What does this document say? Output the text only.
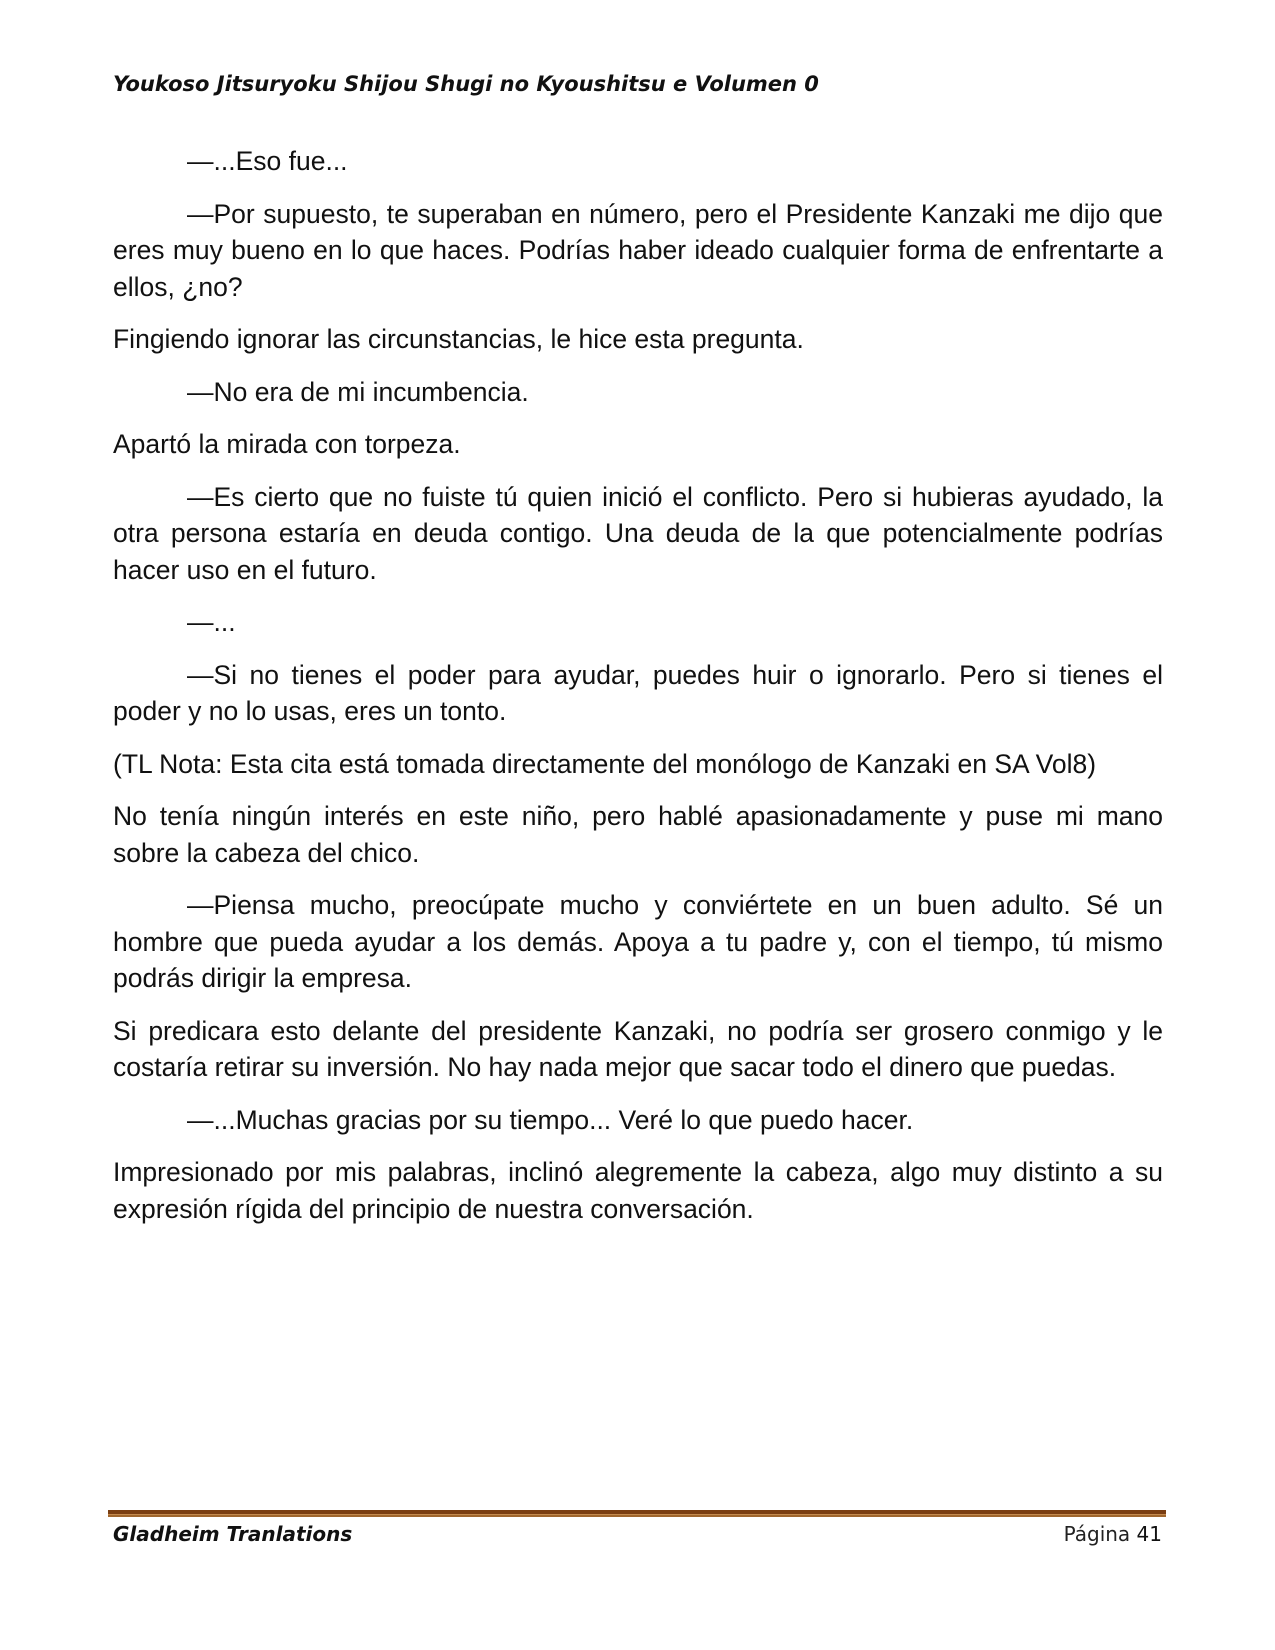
Youkoso Jitsuryoku Shijou Shugi no Kyoushitsu e Volumen 0

—...Eso fue...

—Por supuesto, te superaban en número, pero el Presidente Kanzaki me dijo que eres muy bueno en lo que haces. Podrías haber ideado cualquier forma de enfrentarte a ellos, ¿no?

Fingiendo ignorar las circunstancias, le hice esta pregunta.

—No era de mi incumbencia.

Apartó la mirada con torpeza.

—Es cierto que no fuiste tú quien inició el conflicto. Pero si hubieras ayudado, la otra persona estaría en deuda contigo. Una deuda de la que potencialmente podrías hacer uso en el futuro.

—...

—Si no tienes el poder para ayudar, puedes huir o ignorarlo. Pero si tienes el poder y no lo usas, eres un tonto.

(TL Nota: Esta cita está tomada directamente del monólogo de Kanzaki en SA Vol8)

No tenía ningún interés en este niño, pero hablé apasionadamente y puse mi mano sobre la cabeza del chico.

—Piensa mucho, preocúpate mucho y conviértete en un buen adulto. Sé un hombre que pueda ayudar a los demás. Apoya a tu padre y, con el tiempo, tú mismo podrás dirigir la empresa.

Si predicara esto delante del presidente Kanzaki, no podría ser grosero conmigo y le costaría retirar su inversión. No hay nada mejor que sacar todo el dinero que puedas.

—...Muchas gracias por su tiempo... Veré lo que puedo hacer.

Impresionado por mis palabras, inclinó alegremente la cabeza, algo muy distinto a su expresión rígida del principio de nuestra conversación.

Gladheim Tranlations	Página 41
